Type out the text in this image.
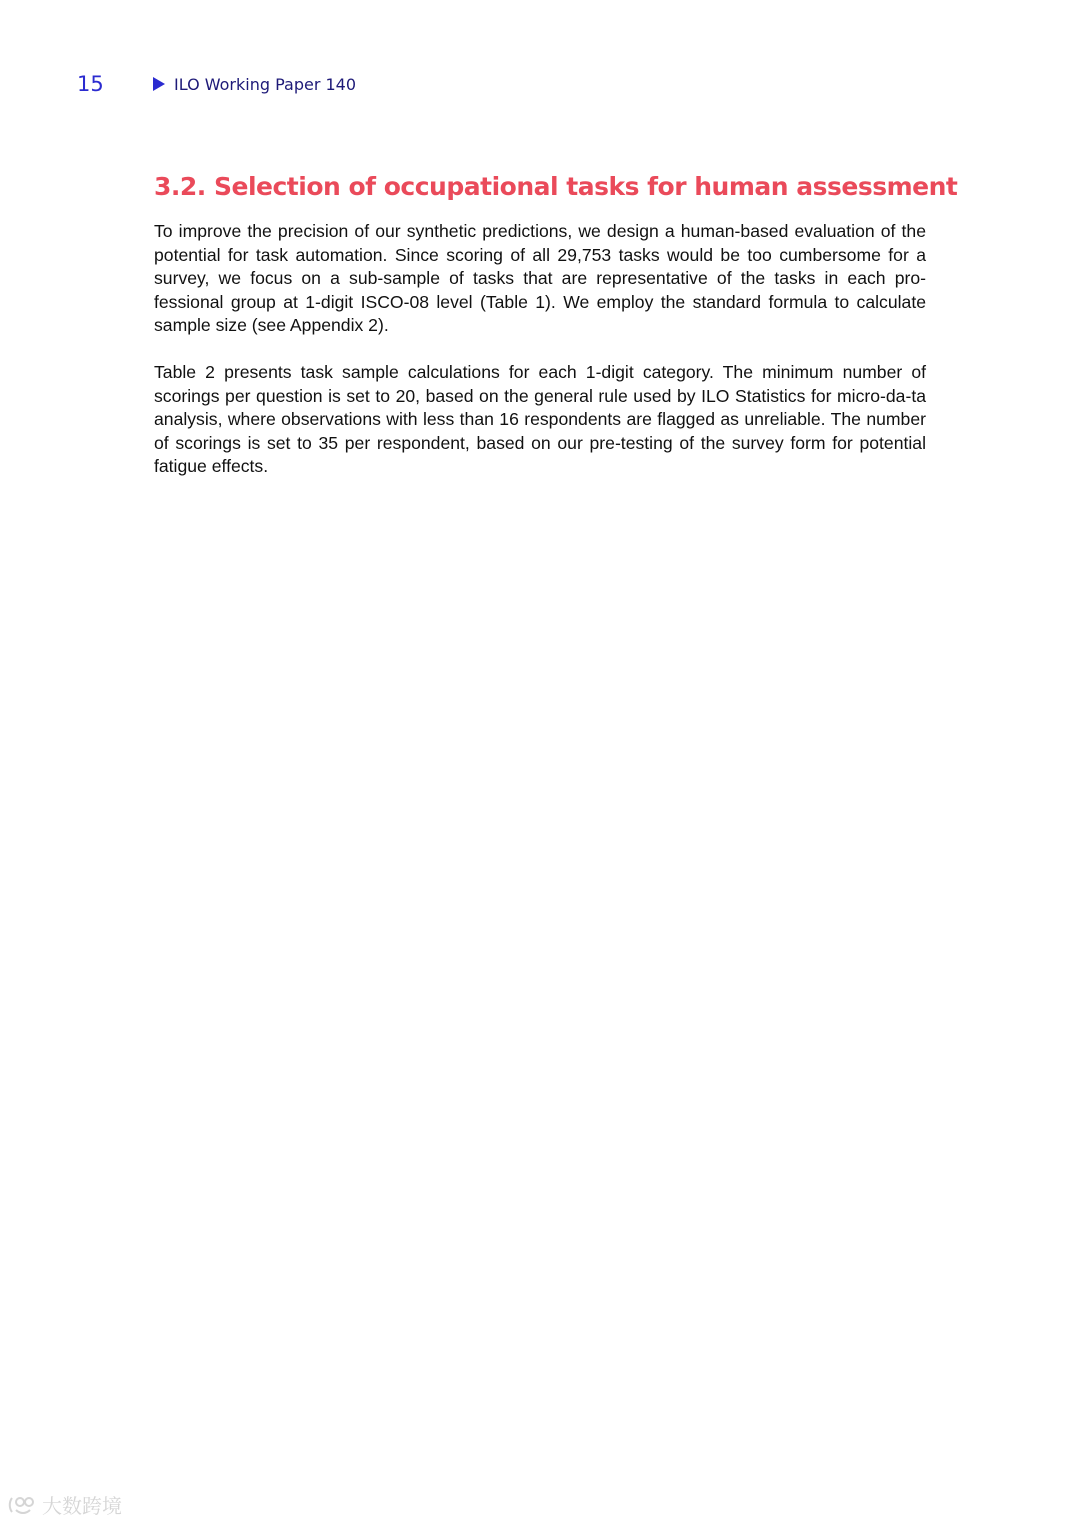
15	ILO Working Paper 140
3.2. Selection of occupational tasks for human assessment

To improve the precision of our synthetic predictions, we design a human-based evaluation of the potential for task automation. Since scoring of all 29,753 tasks would be too cumbersome for a survey, we focus on a sub-sample of tasks that are representative of the tasks in each pro-fessional group at 1-digit ISCO-08 level (Table 1). We employ the standard formula to calculate sample size (see Appendix 2).

Table 2 presents task sample calculations for each 1-digit category. The minimum number of scorings per question is set to 20, based on the general rule used by ILO Statistics for micro-da-ta analysis, where observations with less than 16 respondents are flagged as unreliable. The number of scorings is set to 35 per respondent, based on our pre-testing of the survey form for potential fatigue effects.

大数跨境
